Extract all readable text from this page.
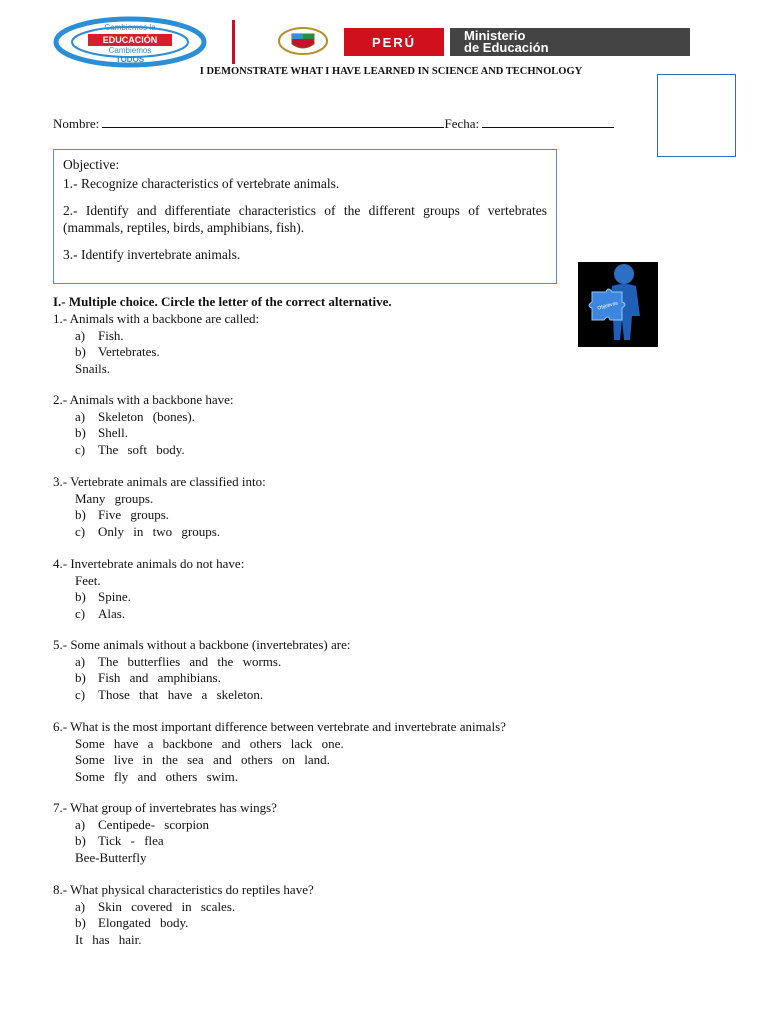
Cambiemos la
EDUCACIÓN
Cambiemos
TODOS
PERÚ	Ministerio
de Educación
I DEMONSTRATE WHAT I HAVE LEARNED IN SCIENCE AND TECHNOLOGY
Nombre:	Fecha:

Objective:

1.- Recognize characteristics of vertebrate animals.

2.- Identify and differentiate characteristics of the different groups of vertebrates (mammals, reptiles, birds, amphibians, fish).

3.- Identify invertebrate animals.

Objetivos
I.- Multiple choice. Circle the letter of the correct alternative.
1.- Animals with a backbone are called:
a) Fish.
b) Vertebrates.
Snails.
2.- Animals with a backbone have:
a) Skeleton (bones).
b) Shell.
c) The soft body.
3.- Vertebrate animals are classified into:
Many groups.
b) Five groups.
c) Only in two groups.
4.- Invertebrate animals do not have:
Feet.
b) Spine.
c) Alas.
5.- Some animals without a backbone (invertebrates) are:
a) The butterflies and the worms.
b) Fish and amphibians.
c) Those that have a skeleton.
6.- What is the most important difference between vertebrate and invertebrate animals?
Some have a backbone and others lack one.
Some live in the sea and others on land.
Some fly and others swim.
7.- What group of invertebrates has wings?
a) Centipede- scorpion
b) Tick - flea
Bee-Butterfly
8.- What physical characteristics do reptiles have?
a) Skin covered in scales.
b) Elongated body.
It has hair.
